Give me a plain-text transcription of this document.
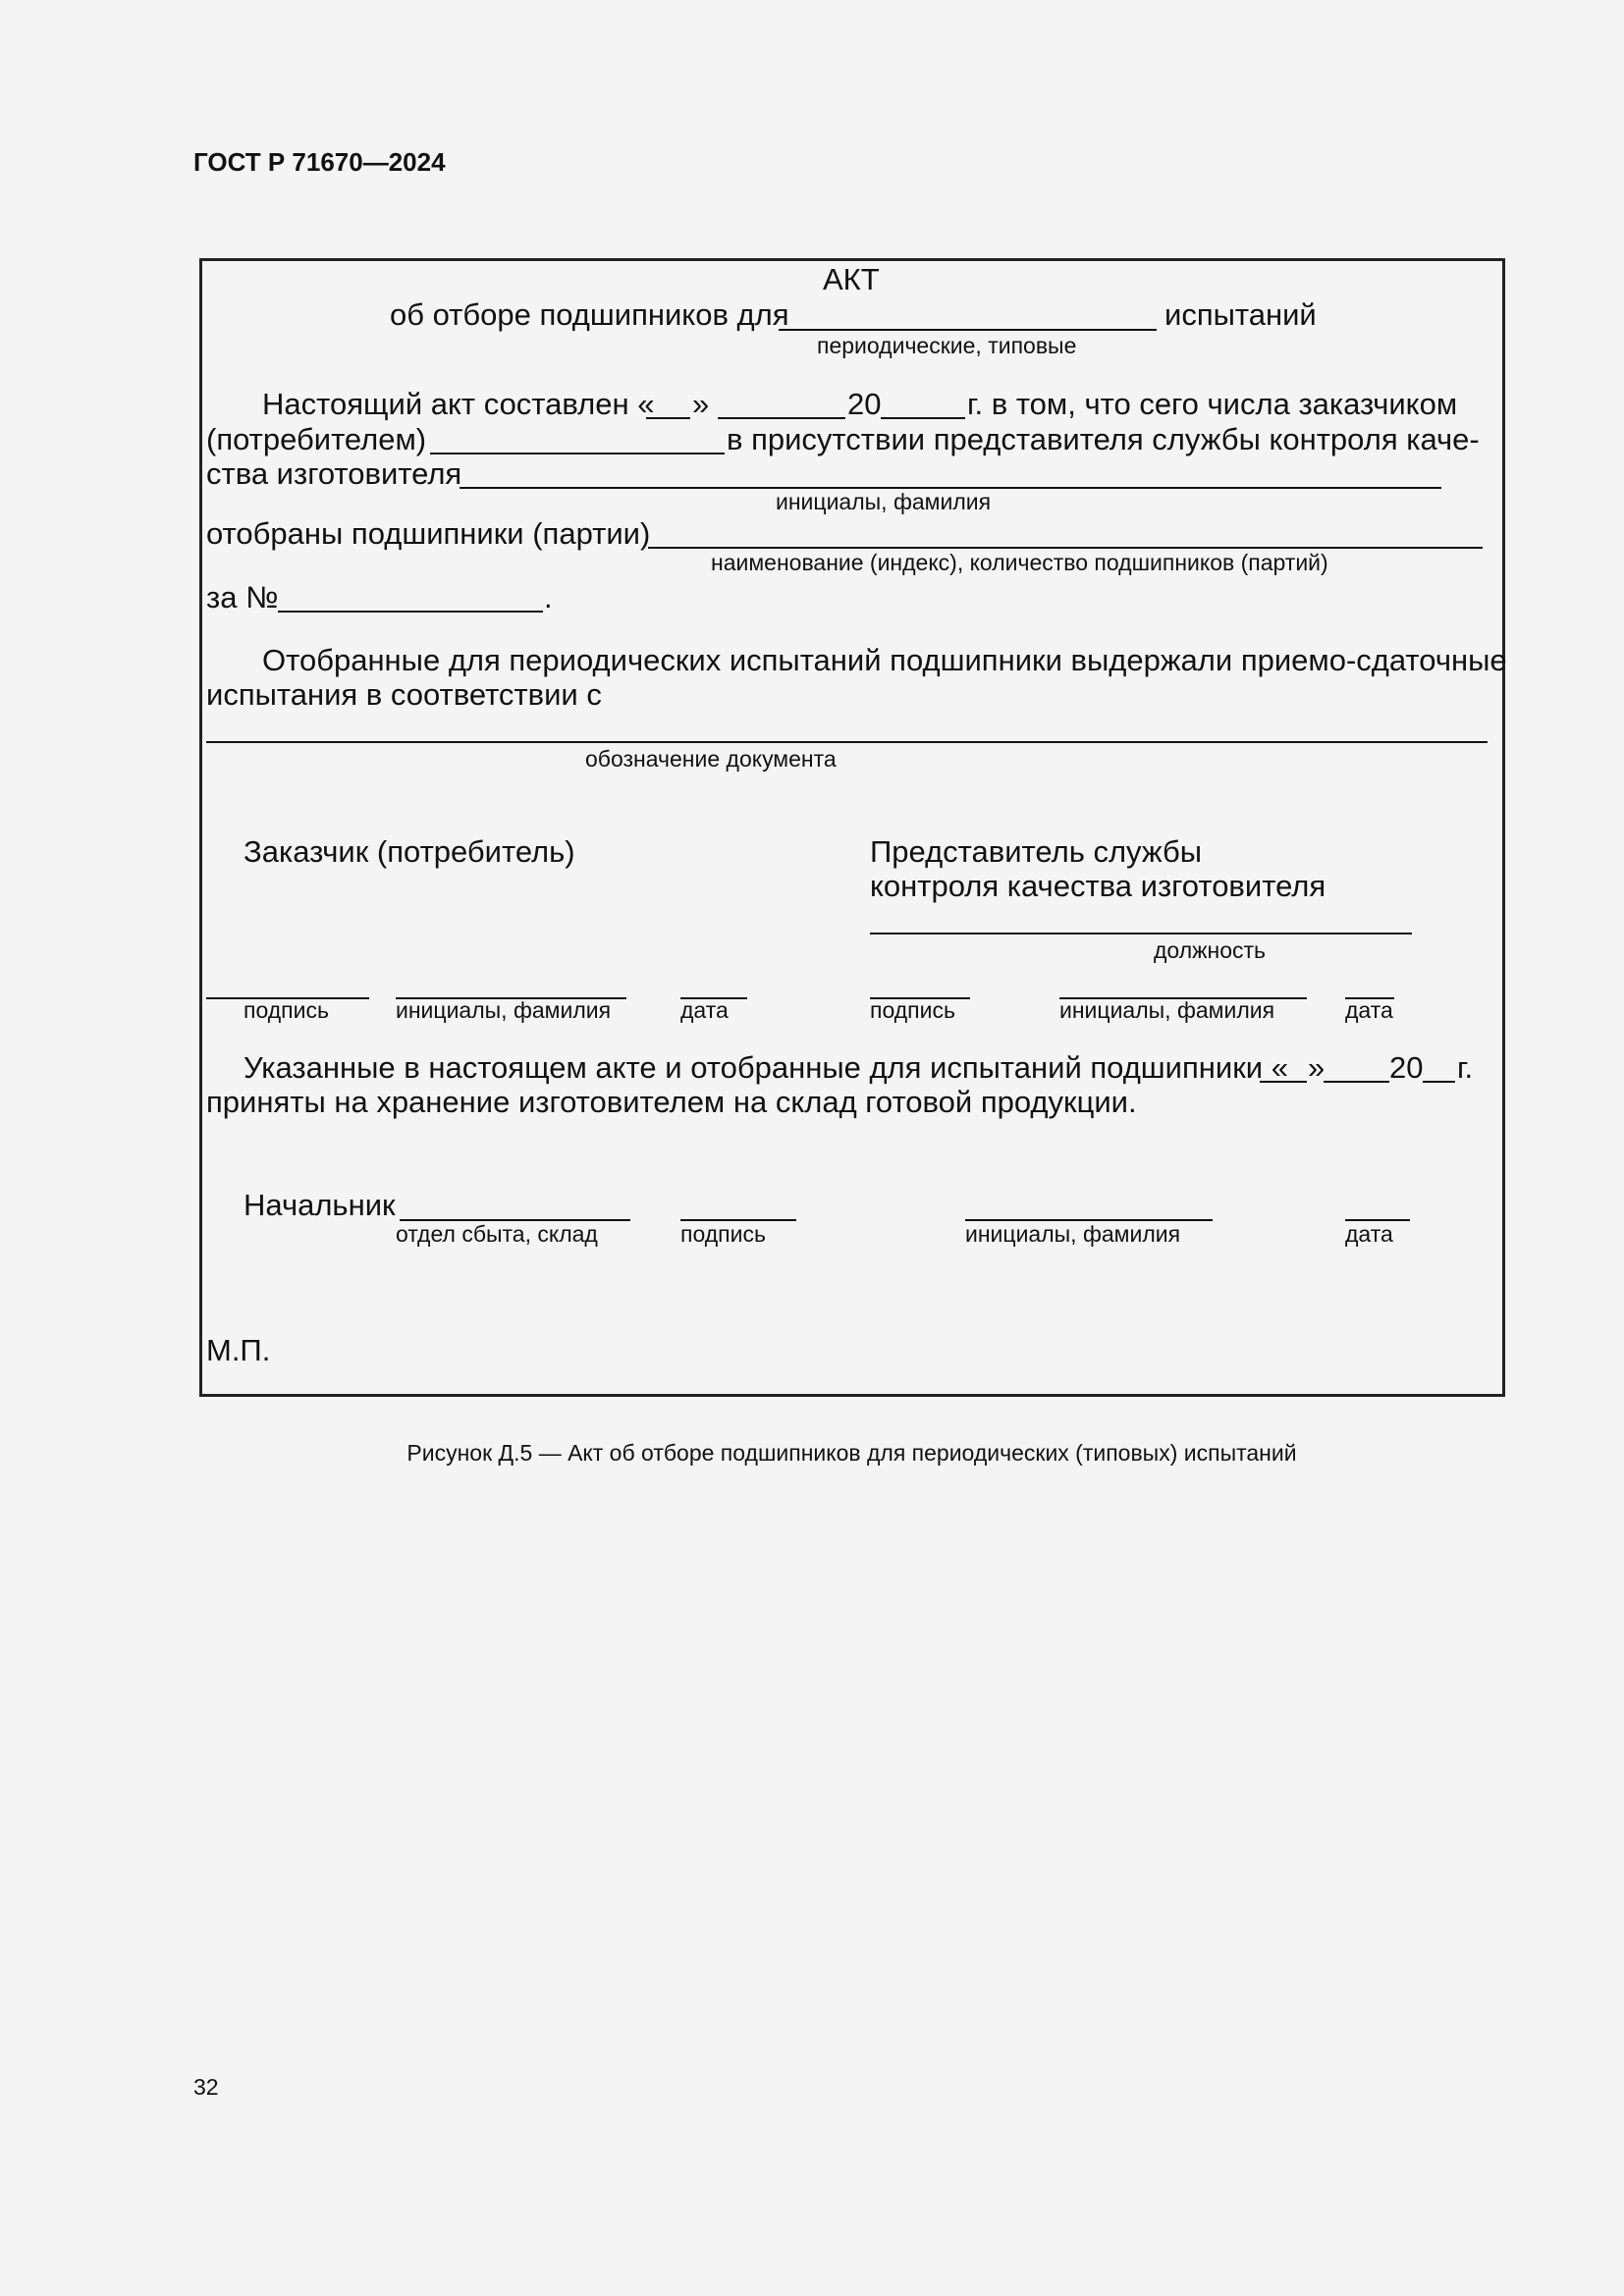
ГОСТ Р 71670—2024
АКТ
об отборе подшипников для	испытаний
периодические, типовые
Настоящий акт составлен « »	20	г. в том, что сего числа заказчиком
(потребителем)	в присутствии представителя службы контроля каче-
ства изготовителя
инициалы, фамилия
отобраны подшипники (партии)
наименование (индекс), количество подшипников (партий)
за №	.
Отобранные для периодических испытаний подшипники выдержали приемо-сдаточные
испытания в соответствии с
обозначение документа
Заказчик (потребитель)	Представитель службы
контроля качества изготовителя
должность
подпись	инициалы, фамилия	дата	подпись	инициалы, фамилия	дата
Указанные в настоящем акте и отобранные для испытаний подшипники « » 20 г.
приняты на хранение изготовителем на склад готовой продукции.
Начальник
отдел сбыта, склад	подпись	инициалы, фамилия	дата
М.П.
Рисунок Д.5 — Акт об отборе подшипников для периодических (типовых) испытаний
32
